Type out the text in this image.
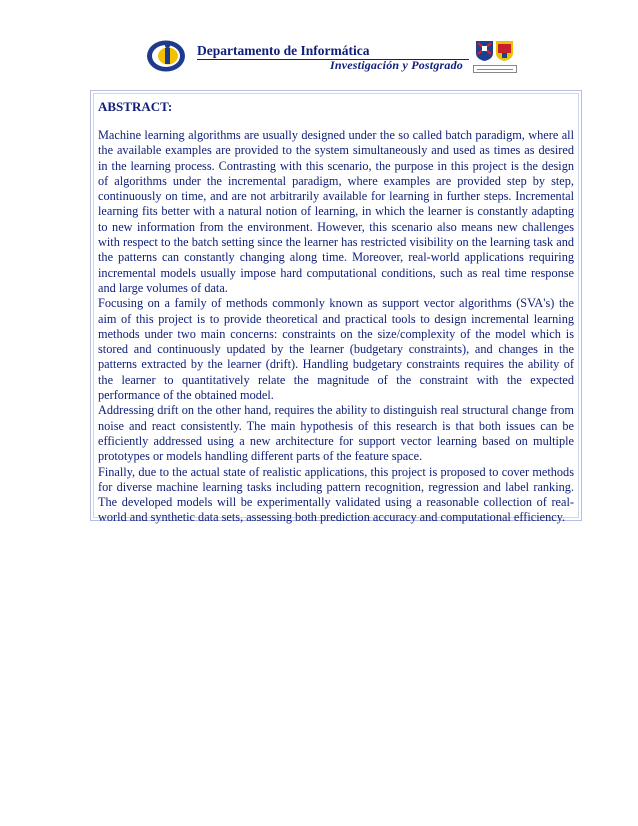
Departamento de Informática
Investigación y Postgrado
ABSTRACT:

Machine learning algorithms are usually designed under the so called batch paradigm, where all the available examples are provided to the system simultaneously and used as times as desired in the learning process. Contrasting with this scenario, the purpose in this project is the design of algorithms under the incremental paradigm, where examples are provided step by step, continuously on time, and are not arbitrarily available for learning in further steps. Incremental learning fits better with a natural notion of learning, in which the learner is constantly adapting to new information from the environment. However, this scenario also means new challenges with respect to the batch setting since the learner has restricted visibility on the learning task and the patterns can constantly changing along time. Moreover, real-world applications requiring incremental models usually impose hard computational conditions, such as real time response and large volumes of data.

Focusing on a family of methods commonly known as support vector algorithms (SVA's) the aim of this project is to provide theoretical and practical tools to design incremental learning methods under two main concerns: constraints on the size/complexity of the model which is stored and continuously updated by the learner (budgetary constraints), and changes in the patterns extracted by the learner (drift). Handling budgetary constraints requires the ability of the learner to quantitatively relate the magnitude of the constraint with the expected performance of the obtained model.

Addressing drift on the other hand, requires the ability to distinguish real structural change from noise and react consistently. The main hypothesis of this research is that both issues can be efficiently addressed using a new architecture for support vector learning based on multiple prototypes or models handling different parts of the feature space.

Finally, due to the actual state of realistic applications, this project is proposed to cover methods for diverse machine learning tasks including pattern recognition, regression and label ranking. The developed models will be experimentally validated using a reasonable collection of real-world and synthetic data sets, assessing both prediction accuracy and computational efficiency.
